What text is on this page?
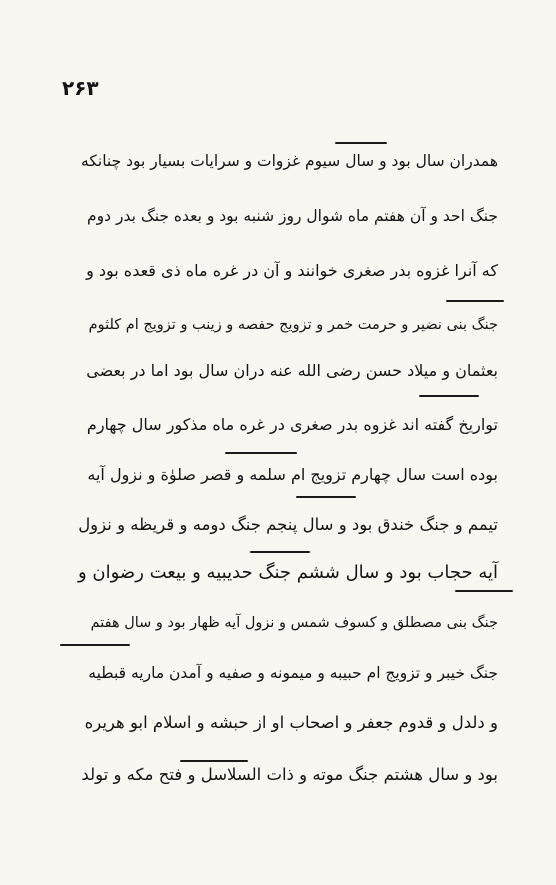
۲۶۳
همدران سال بود و سال سیوم غزوات و سرایات بسیار بود چنانکه
جنگ احد و آن هفتم ماه شوال روز شنبه بود و بعده جنگ بدر دوم
که آنرا غزوه بدر صغری خوانند و آن در غره ماه ذی قعده بود و
جنگ بنی نضیر و حرمت خمر و تزویج حفصه و زینب و تزویج ام کلثوم
بعثمان و میلاد حسن رضی الله عنه دران سال بود اما در بعضی
تواریخ گفته اند غزوه بدر صغری در غره ماه مذکور سال چهارم
بوده است سال چهارم تزویج ام سلمه و قصر صلوٰة و نزول آیه
تیمم و جنگ خندق بود و سال پنجم جنگ دومه و قریظه و نزول
آیه حجاب بود و سال ششم جنگ حدیبیه و بیعت رضوان و
جنگ بنی مصطلق و کسوف شمس و نزول آیه ظهار بود و سال هفتم
جنگ خیبر و تزویج ام حبیبه و میمونه و صفیه و آمدن ماریه قبطیه
و دلدل و قدوم جعفر و اصحاب او از حبشه و اسلام ابو هریره
بود و سال هشتم جنگ موته و ذات السلاسل و فتح مکه و تولد
